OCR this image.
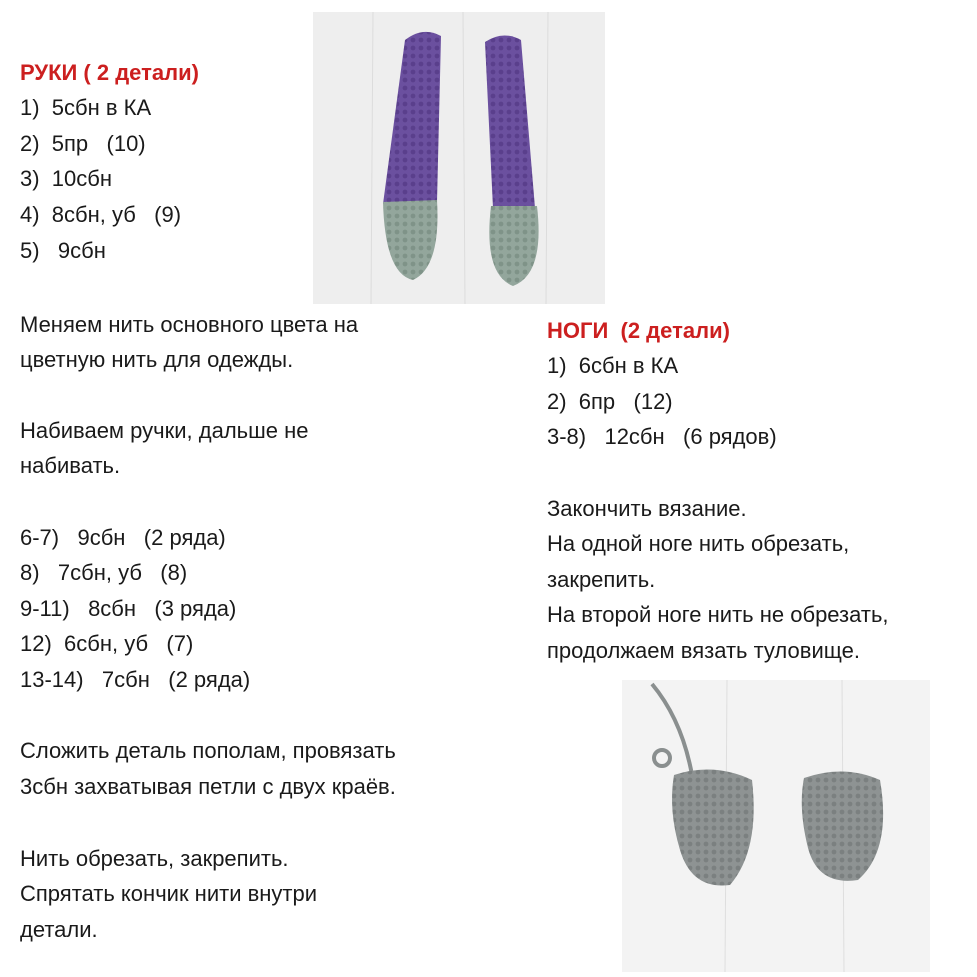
РУКИ ( 2 детали)
1)  5сбн в КА
2)  5пр   (10)
3)  10сбн
4)  8сбн, уб   (9)
5)   9сбн
Меняем нить основного цвета на
цветную нить для одежды.
Набиваем ручки, дальше не
набивать.
6-7)   9сбн   (2 ряда)
8)   7сбн, уб   (8)
9-11)   8сбн   (3 ряда)
12)  6сбн, уб   (7)
13-14)   7сбн   (2 ряда)
Сложить деталь пополам, провязать
3сбн захватывая петли с двух краёв.
Нить обрезать, закрепить.
Спрятать кончик нити внутри
детали.
НОГИ  (2 детали)
1)  6сбн в КА
2)  6пр   (12)
3-8)   12сбн   (6 рядов)
Закончить вязание.
На одной ноге нить обрезать,
закрепить.
На второй ноге нить не обрезать,
продолжаем вязать туловище.
